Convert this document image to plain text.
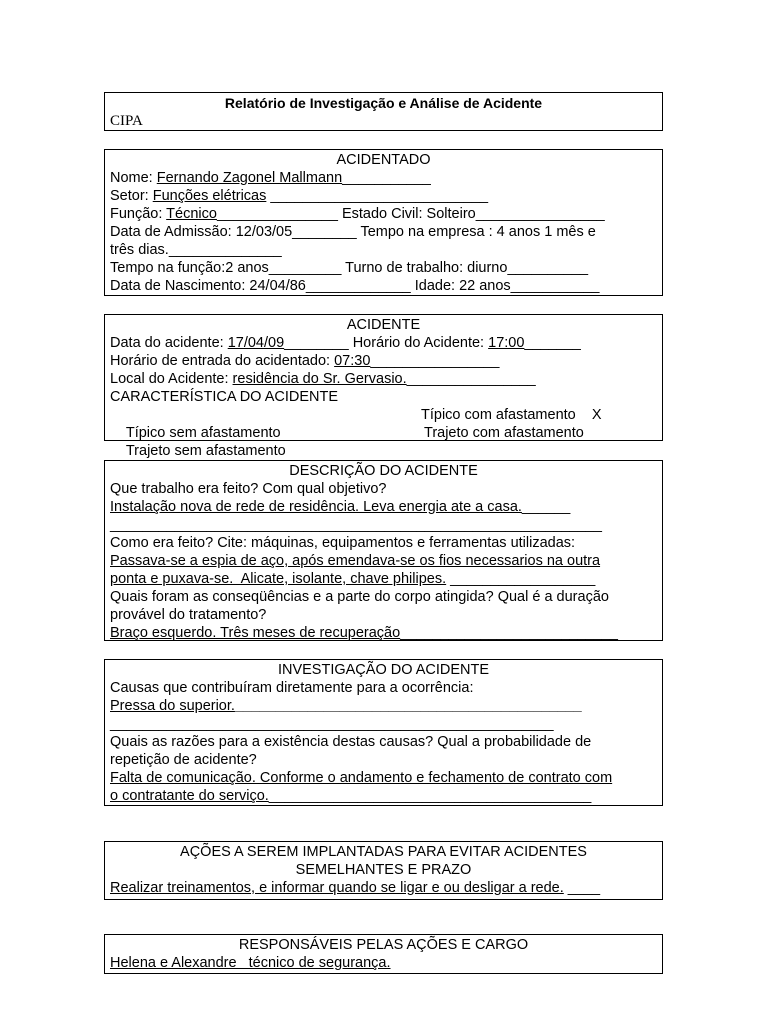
Relatório de Investigação e Análise de Acidente
CIPA
ACIDENTADO
Nome: Fernando Zagonel Mallmann___________
Setor: Funções elétricas ___________________________
Função: Técnico_______________ Estado Civil: Solteiro________________
Data de Admissão: 12/03/05________ Tempo na empresa : 4 anos 1 mês e
três dias.______________
Tempo na função:2 anos_________ Turno de trabalho: diurno__________
Data de Nascimento: 24/04/86_____________ Idade: 22 anos___________
ACIDENTE
Data do acidente: 17/04/09________ Horário do Acidente: 17:00_______
Horário de entrada do acidentado: 07:30________________
Local do Acidente: residência do Sr. Gervasio.________________
CARACTERÍSTICA DO ACIDENTE

Típico sem afastamento

Típico com afastamento    X

Trajeto sem afastamento

Trajeto com afastamento

DESCRIÇÃO DO ACIDENTE
Que trabalho era feito? Com qual objetivo?
Instalação nova de rede de residência. Leva energia ate a casa.______
_____________________________________________________________
Como era feito? Cite: máquinas, equipamentos e ferramentas utilizadas:
Passava-se a espia de aço, após emendava-se os fios necessarios na outra
ponta e puxava-se.  Alicate, isolante, chave philipes. __________________
Quais foram as conseqüências e a parte do corpo atingida? Qual é a duração
provável do tratamento?
Braço esquerdo. Três meses de recuperação___________________________
INVESTIGAÇÃO DO ACIDENTE
Causas que contribuíram diretamente para a ocorrência:
Pressa do superior.___________________________________________
_______________________________________________________
Quais as razões para a existência destas causas? Qual a probabilidade de
repetição de acidente?
Falta de comunicação. Conforme o andamento e fechamento de contrato com
o contratante do serviço.________________________________________
AÇÕES A SEREM IMPLANTADAS PARA EVITAR ACIDENTES
SEMELHANTES E PRAZO
Realizar treinamentos, e informar quando se ligar e ou desligar a rede. ____
RESPONSÁVEIS PELAS AÇÕES E CARGO
Helena e Alexandre   técnico de segurança.
